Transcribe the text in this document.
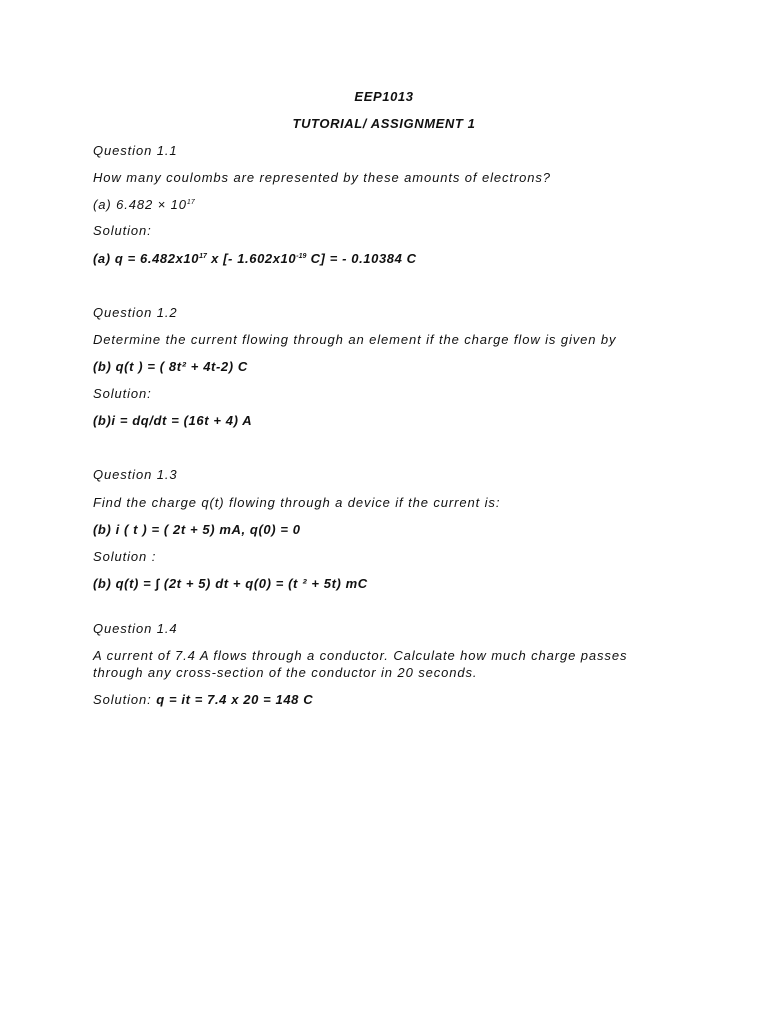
EEP1013
TUTORIAL/ ASSIGNMENT 1
Question 1.1
How many coulombs are represented by these amounts of electrons?
(a) $6.482 \times 10^{17}$
Solution:
(a) $q = 6.482x10^{17}$ x [- $1.602x10^{-19}$ C] = - 0.10384 C
Question 1.2
Determine the current flowing through an element if the charge flow is given by
(b) q(t ) = ( 8t² + 4t-2) C
Solution:
(b)i = dq/dt = (16t + 4) A
Question 1.3
Find the charge q(t) flowing through a device if the current is:
(b) i ( t ) = ( 2t + 5) mA, q(0) = 0
Solution :
(b) q(t) = ∫ (2t + 5) dt + q(0) = (t ² + 5t) mC
Question 1.4
A current of 7.4 A flows through a conductor. Calculate how much charge passes through any cross-section of the conductor in 20 seconds.
Solution: q = it = 7.4 x 20 = 148 C
